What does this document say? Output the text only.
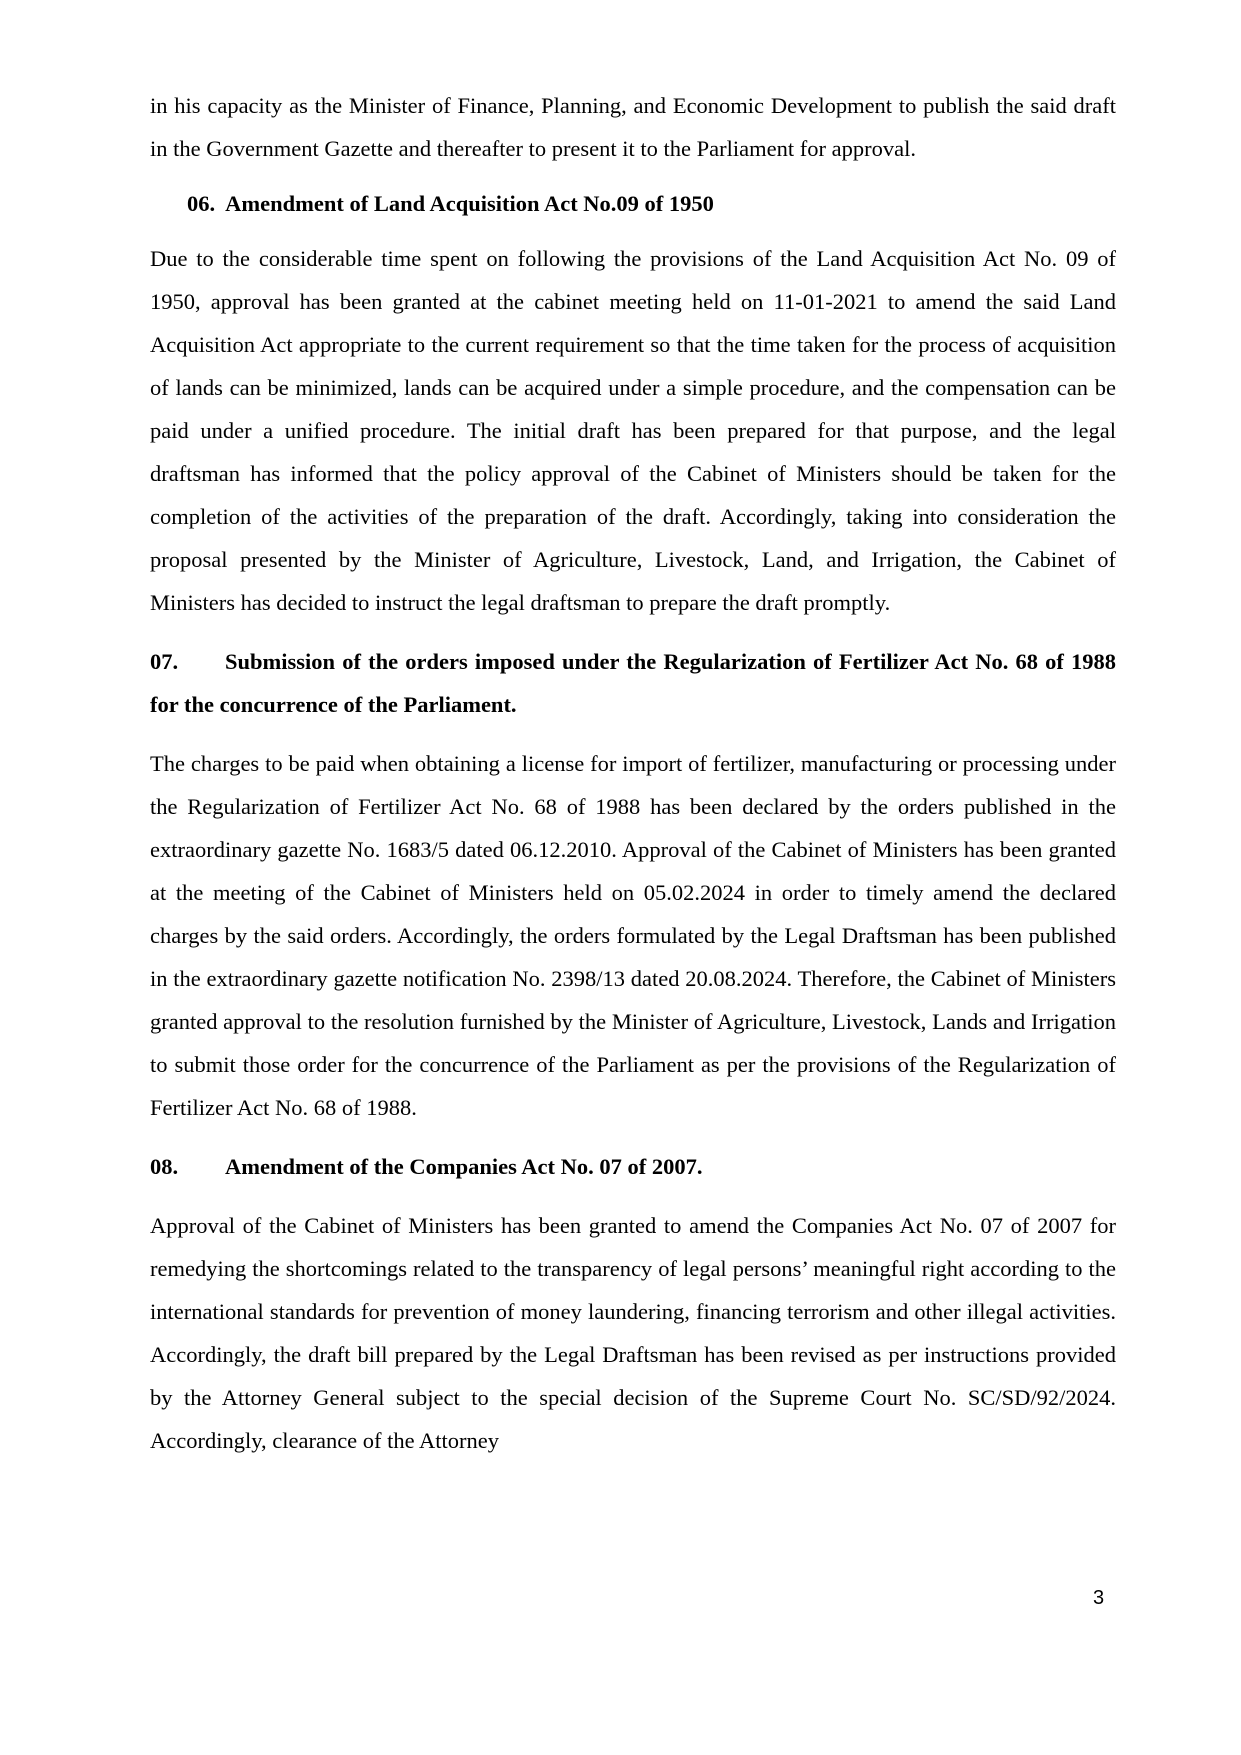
in his capacity as the Minister of Finance, Planning, and Economic Development to publish the said draft in the Government Gazette and thereafter to present it to the Parliament for approval.

06. Amendment of Land Acquisition Act No.09 of 1950

Due to the considerable time spent on following the provisions of the Land Acquisition Act No. 09 of 1950, approval has been granted at the cabinet meeting held on 11-01-2021 to amend the said Land Acquisition Act appropriate to the current requirement so that the time taken for the process of acquisition of lands can be minimized, lands can be acquired under a simple procedure, and the compensation can be paid under a unified procedure. The initial draft has been prepared for that purpose, and the legal draftsman has informed that the policy approval of the Cabinet of Ministers should be taken for the completion of the activities of the preparation of the draft. Accordingly, taking into consideration the proposal presented by the Minister of Agriculture, Livestock, Land, and Irrigation, the Cabinet of Ministers has decided to instruct the legal draftsman to prepare the draft promptly.

07. Submission of the orders imposed under the Regularization of Fertilizer Act No. 68 of 1988 for the concurrence of the Parliament.

The charges to be paid when obtaining a license for import of fertilizer, manufacturing or processing under the Regularization of Fertilizer Act No. 68 of 1988 has been declared by the orders published in the extraordinary gazette No. 1683/5 dated 06.12.2010. Approval of the Cabinet of Ministers has been granted at the meeting of the Cabinet of Ministers held on 05.02.2024 in order to timely amend the declared charges by the said orders. Accordingly, the orders formulated by the Legal Draftsman has been published in the extraordinary gazette notification No. 2398/13 dated 20.08.2024. Therefore, the Cabinet of Ministers granted approval to the resolution furnished by the Minister of Agriculture, Livestock, Lands and Irrigation to submit those order for the concurrence of the Parliament as per the provisions of the Regularization of Fertilizer Act No. 68 of 1988.

08.	Amendment of the Companies Act No. 07 of 2007.

Approval of the Cabinet of Ministers has been granted to amend the Companies Act No. 07 of 2007 for remedying the shortcomings related to the transparency of legal persons’ meaningful right according to the international standards for prevention of money laundering, financing terrorism and other illegal activities. Accordingly, the draft bill prepared by the Legal Draftsman has been revised as per instructions provided by the Attorney General subject to the special decision of the Supreme Court No. SC/SD/92/2024. Accordingly, clearance of the Attorney

3
